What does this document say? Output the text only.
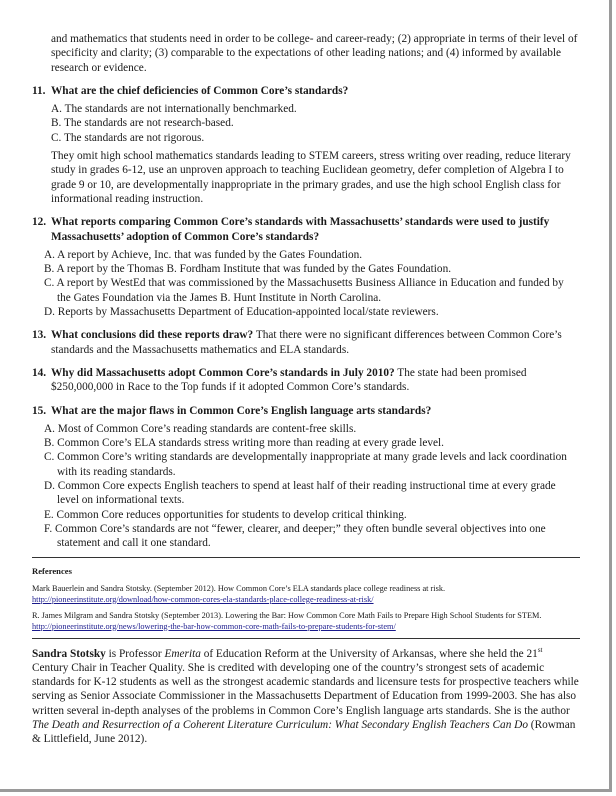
and mathematics that students need in order to be college- and career-ready; (2) appropriate in terms of their level of specificity and clarity; (3) comparable to the expectations of other leading nations; and (4) informed by available research or evidence.

11. What are the chief deficiencies of Common Core’s standards?
A. The standards are not internationally benchmarked.
B. The standards are not research-based.
C. The standards are not rigorous.

They omit high school mathematics standards leading to STEM careers, stress writing over reading, reduce literary study in grades 6-12, use an unproven approach to teaching Euclidean geometry, defer completion of Algebra I to grade 9 or 10, are developmentally inappropriate in the primary grades, and use the high school English class for informational reading instruction.

12. What reports comparing Common Core’s standards with Massachusetts’ standards were used to justify Massachusetts’ adoption of Common Core’s standards?
A. A report by Achieve, Inc. that was funded by the Gates Foundation.
B. A report by the Thomas B. Fordham Institute that was funded by the Gates Foundation.
C. A report by WestEd that was commissioned by the Massachusetts Business Alliance in Education and funded by the Gates Foundation via the James B. Hunt Institute in North Carolina.
D. Reports by Massachusetts Department of Education-appointed local/state reviewers.
13. What conclusions did these reports draw? That there were no significant differences between Common Core’s standards and the Massachusetts mathematics and ELA standards.
14. Why did Massachusetts adopt Common Core’s standards in July 2010? The state had been promised $250,000,000 in Race to the Top funds if it adopted Common Core’s standards.
15. What are the major flaws in Common Core’s English language arts standards?
A. Most of Common Core’s reading standards are content-free skills.
B. Common Core’s ELA standards stress writing more than reading at every grade level.
C. Common Core’s writing standards are developmentally inappropriate at many grade levels and lack coordination with its reading standards.
D. Common Core expects English teachers to spend at least half of their reading instructional time at every grade level on informational texts.
E. Common Core reduces opportunities for students to develop critical thinking.
F. Common Core’s standards are not “fewer, clearer, and deeper;” they often bundle several objectives into one statement and call it one standard.
References
Mark Bauerlein and Sandra Stotsky. (September 2012). How Common Core’s ELA standards place college readiness at risk. http://pioneerinstitute.org/download/how-common-cores-ela-standards-place-college-readiness-at-risk/
R. James Milgram and Sandra Stotsky (September 2013). Lowering the Bar: How Common Core Math Fails to Prepare High School Students for STEM. http://pioneerinstitute.org/news/lowering-the-bar-how-common-core-math-fails-to-prepare-students-for-stem/

Sandra Stotsky is Professor Emerita of Education Reform at the University of Arkansas, where she held the 21st Century Chair in Teacher Quality. She is credited with developing one of the country’s strongest sets of academic standards for K-12 students as well as the strongest academic standards and licensure tests for prospective teachers while serving as Senior Associate Commissioner in the Massachusetts Department of Education from 1999-2003. She has also written several in-depth analyses of the problems in Common Core’s English language arts standards. She is the author The Death and Resurrection of a Coherent Literature Curriculum: What Secondary English Teachers Can Do (Rowman & Littlefield, June 2012).
